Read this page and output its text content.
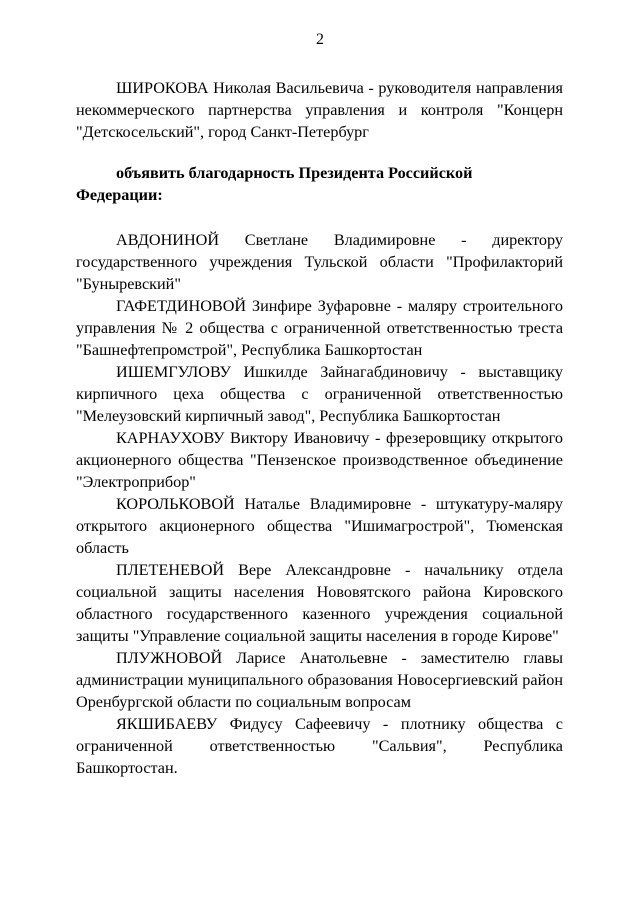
2

ШИРОКОВА Николая Васильевича - руководителя направления некоммерческого партнерства управления и контроля "Концерн "Детскосельский", город Санкт-Петербург

объявить благодарность Президента Российской Федерации:

АВДОНИНОЙ Светлане Владимировне - директору государственного учреждения Тульской области "Профилакторий "Буныревский"

ГАФЕТДИНОВОЙ Зинфире Зуфаровне - маляру строительного управления № 2 общества с ограниченной ответственностью треста "Башнефтепромстрой", Республика Башкортостан

ИШЕМГУЛОВУ Ишкилде Зайнагабдиновичу - выставщику кирпичного цеха общества с ограниченной ответственностью "Мелеузовский кирпичный завод", Республика Башкортостан

КАРНАУХОВУ Виктору Ивановичу - фрезеровщику открытого акционерного общества "Пензенское производственное объединение "Электроприбор"

КОРОЛЬКОВОЙ Наталье Владимировне - штукатуру-маляру открытого акционерного общества "Ишимагрострой", Тюменская область

ПЛЕТЕНЕВОЙ Вере Александровне - начальнику отдела социальной защиты населения Нововятского района Кировского областного государственного казенного учреждения социальной защиты "Управление социальной защиты населения в городе Кирове"

ПЛУЖНОВОЙ Ларисе Анатольевне - заместителю главы администрации муниципального образования Новосергиевский район Оренбургской области по социальным вопросам

ЯКШИБАЕВУ Фидусу Сафеевичу - плотнику общества с ограниченной ответственностью "Сальвия", Республика Башкортостан.
